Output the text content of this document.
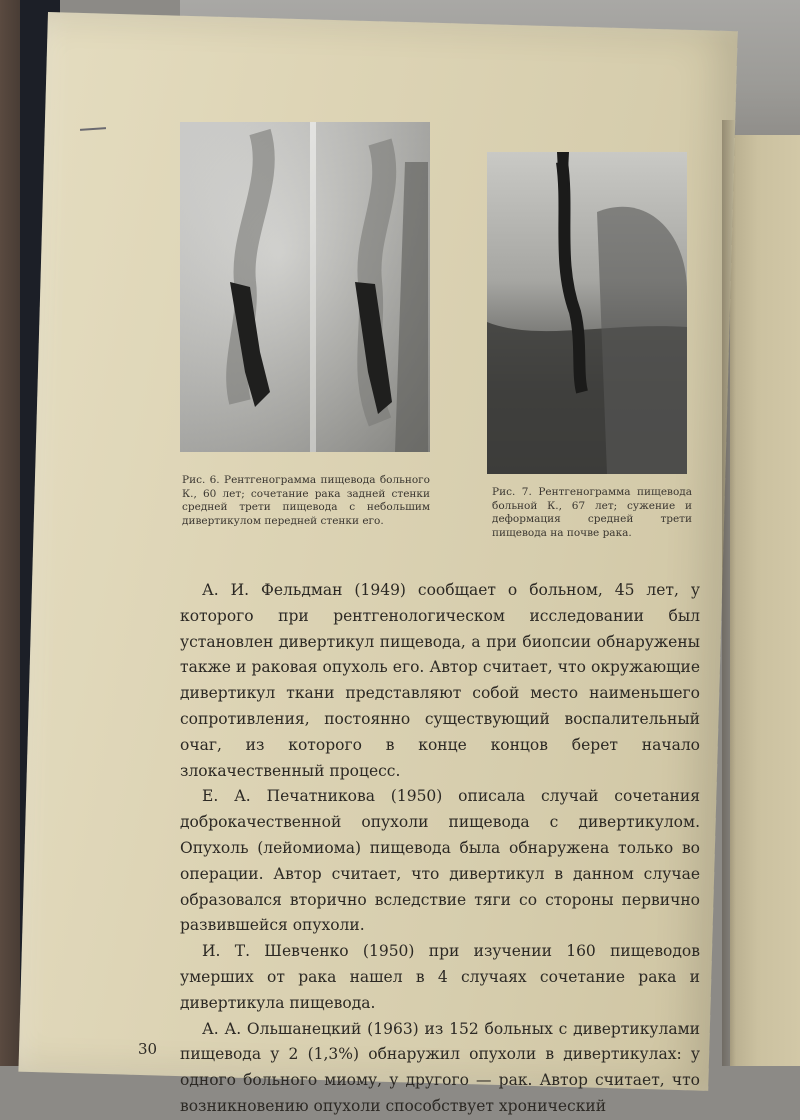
Рис. 6. Рентгенограмма пищевода больного К., 60 лет; сочетание рака задней стенки средней трети пищевода с небольшим дивертикулом передней стенки его.
Рис. 7. Рентгенограмма пищевода больной К., 67 лет; сужение и деформация средней трети пищевода на почве рака.

А. И. Фельдман (1949) сообщает о больном, 45 лет, у которого при рентгенологическом исследовании был установлен дивертикул пищевода, а при биопсии обнаружены также и раковая опухоль его. Автор считает, что окружающие дивертикул ткани представляют собой место наименьшего сопротивления, постоянно существующий воспалительный очаг, из которого в конце концов берет начало злокачественный процесс.

Е. А. Печатникова (1950) описала случай сочетания доброкачественной опухоли пищевода с дивертикулом. Опухоль (лейомиома) пищевода была обнаружена только во операции. Автор считает, что дивертикул в данном случае образовался вторично вследствие тяги со стороны первично развившейся опухоли.

И. Т. Шевченко (1950) при изучении 160 пищеводов умерших от рака нашел в 4 случаях сочетание рака и дивертикула пищевода.

А. А. Ольшанецкий (1963) из 152 больных с дивертикулами пищевода у 2 (1,3%) обнаружил опухоли в дивертикулах: у одного больного миому, у другого — рак. Автор считает, что возникновению опухоли способствует хронический

30
